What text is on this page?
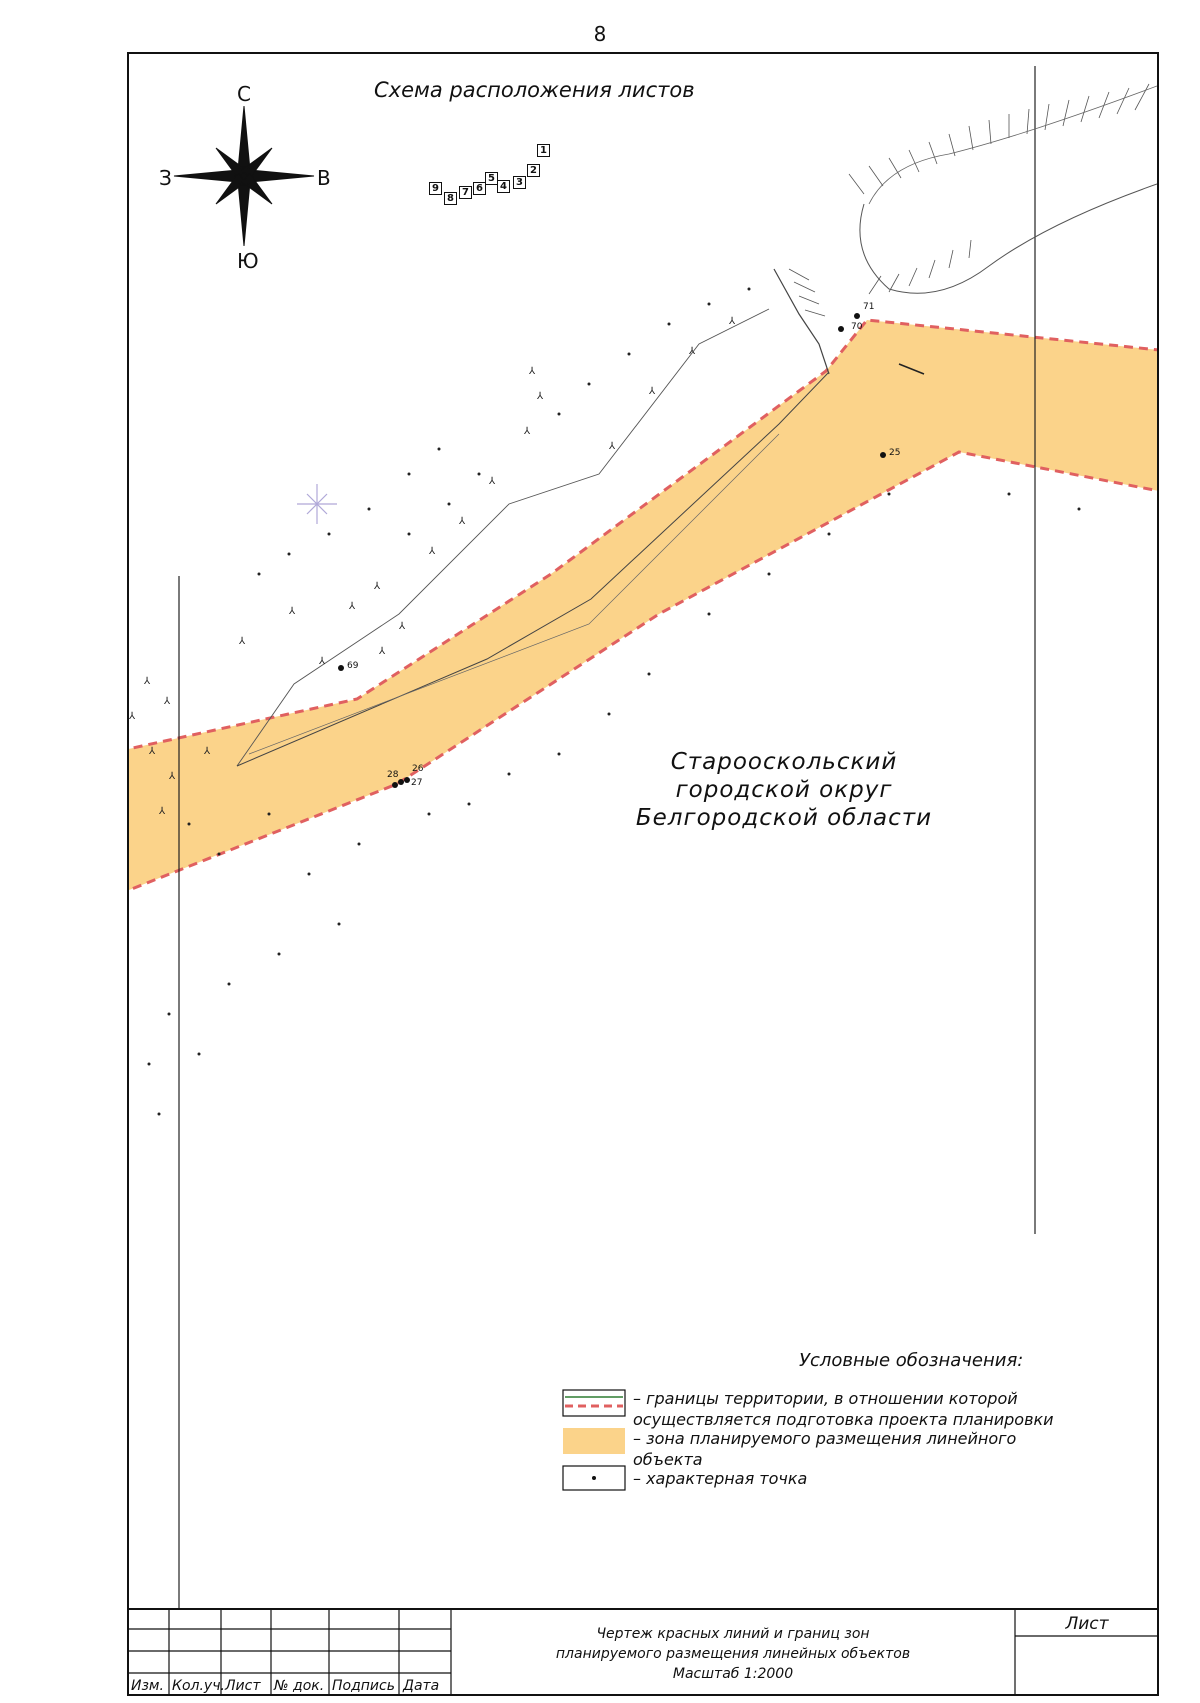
8
⅄
⅄
⅄
⅄
⅄
⅄
⅄
⅄
⅄	⅄
⅄
⅄
⅄
⅄
⅄
⅄
⅄
⅄
⅄
⅄
⅄
⅄
⅄
⅄
С
Ю
З	В
Схема расположения листов
9
8
7 6
5
4 3
2
1
25
26
27
28
69
70
71
Старооскольский
городской округ
Белгородской области
Условные обозначения:
– границы территории, в отношении которой
осуществляется подготовка проекта планировки
– зона планируемого размещения линейного
объекта
– характерная точка
Изм. Кол.уч. Лист № док. Подпись Дата
Чертеж красных линий и границ зон
планируемого размещения линейных объектов
Масштаб 1:2000
Лист
